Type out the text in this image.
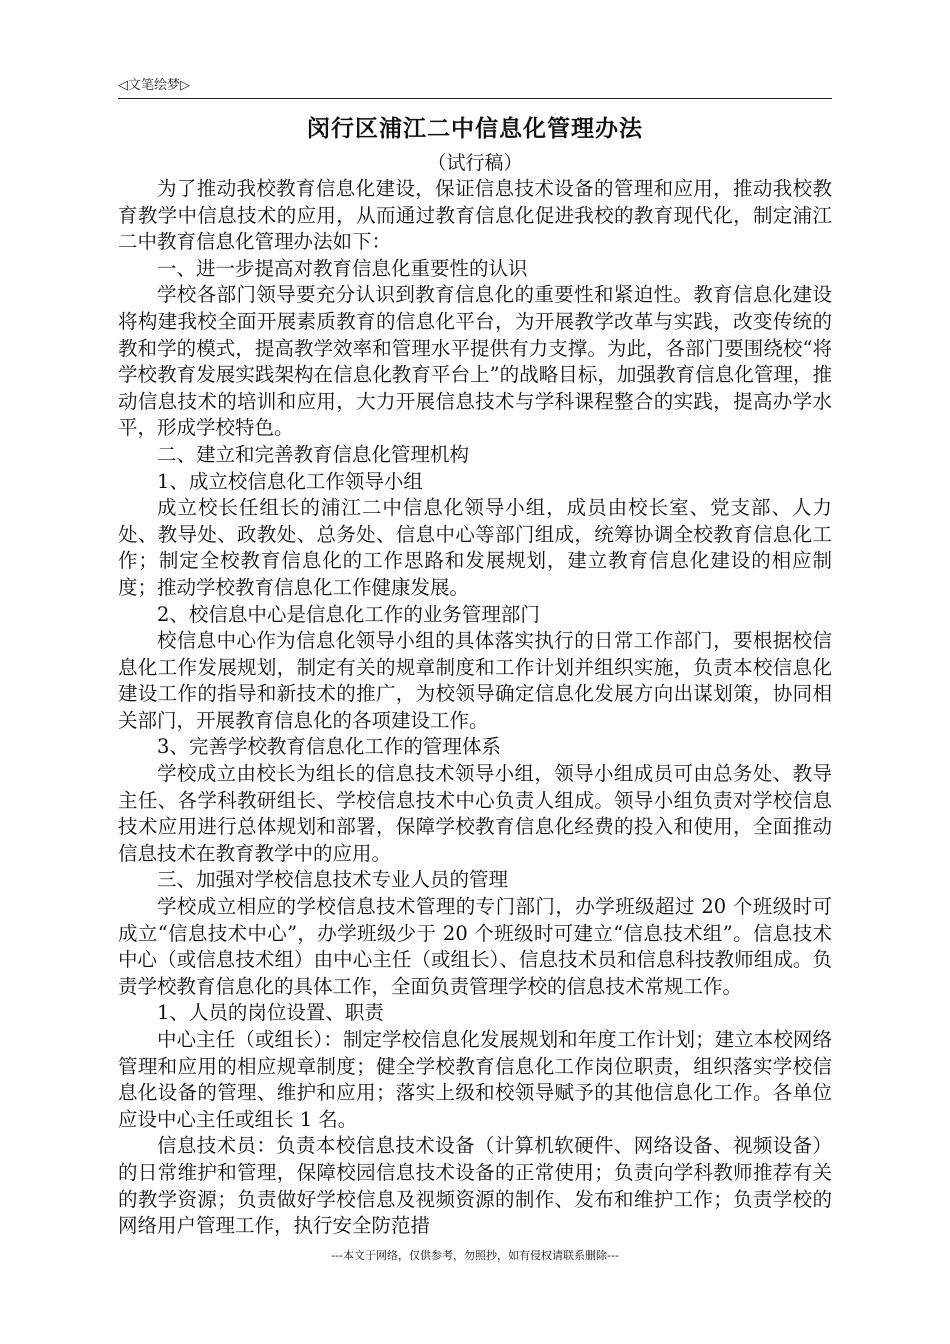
◁文笔绘梦▷
闵行区浦江二中信息化管理办法
（试行稿）

为了推动我校教育信息化建设，保证信息技术设备的管理和应用，推动我校教育教学中信息技术的应用，从而通过教育信息化促进我校的教育现代化，制定浦江二中教育信息化管理办法如下：

一、进一步提高对教育信息化重要性的认识

学校各部门领导要充分认识到教育信息化的重要性和紧迫性。教育信息化建设将构建我校全面开展素质教育的信息化平台，为开展教学改革与实践，改变传统的教和学的模式，提高教学效率和管理水平提供有力支撑。为此，各部门要围绕校“将学校教育发展实践架构在信息化教育平台上”的战略目标，加强教育信息化管理，推动信息技术的培训和应用，大力开展信息技术与学科课程整合的实践，提高办学水平，形成学校特色。

二、建立和完善教育信息化管理机构

1、成立校信息化工作领导小组

成立校长任组长的浦江二中信息化领导小组，成员由校长室、党支部、人力处、教导处、政教处、总务处、信息中心等部门组成，统筹协调全校教育信息化工作；制定全校教育信息化的工作思路和发展规划，建立教育信息化建设的相应制度；推动学校教育信息化工作健康发展。

2、校信息中心是信息化工作的业务管理部门

校信息中心作为信息化领导小组的具体落实执行的日常工作部门，要根据校信息化工作发展规划，制定有关的规章制度和工作计划并组织实施，负责本校信息化建设工作的指导和新技术的推广，为校领导确定信息化发展方向出谋划策，协同相关部门，开展教育信息化的各项建设工作。

3、完善学校教育信息化工作的管理体系

学校成立由校长为组长的信息技术领导小组，领导小组成员可由总务处、教导主任、各学科教研组长、学校信息技术中心负责人组成。领导小组负责对学校信息技术应用进行总体规划和部署，保障学校教育信息化经费的投入和使用，全面推动信息技术在教育教学中的应用。

三、加强对学校信息技术专业人员的管理

学校成立相应的学校信息技术管理的专门部门，办学班级超过 20 个班级时可成立“信息技术中心”，办学班级少于 20 个班级时可建立“信息技术组”。信息技术中心（或信息技术组）由中心主任（或组长）、信息技术员和信息科技教师组成。负责学校教育信息化的具体工作，全面负责管理学校的信息技术常规工作。

1、人员的岗位设置、职责

中心主任（或组长）：制定学校信息化发展规划和年度工作计划；建立本校网络管理和应用的相应规章制度；健全学校教育信息化工作岗位职责，组织落实学校信息化设备的管理、维护和应用；落实上级和校领导赋予的其他信息化工作。各单位应设中心主任或组长 1 名。

信息技术员：负责本校信息技术设备（计算机软硬件、网络设备、视频设备）的日常维护和管理，保障校园信息技术设备的正常使用；负责向学科教师推荐有关的教学资源；负责做好学校信息及视频资源的制作、发布和维护工作；负责学校的网络用户管理工作，执行安全防范措

---本文于网络，仅供参考，勿照抄，如有侵权请联系删除---
